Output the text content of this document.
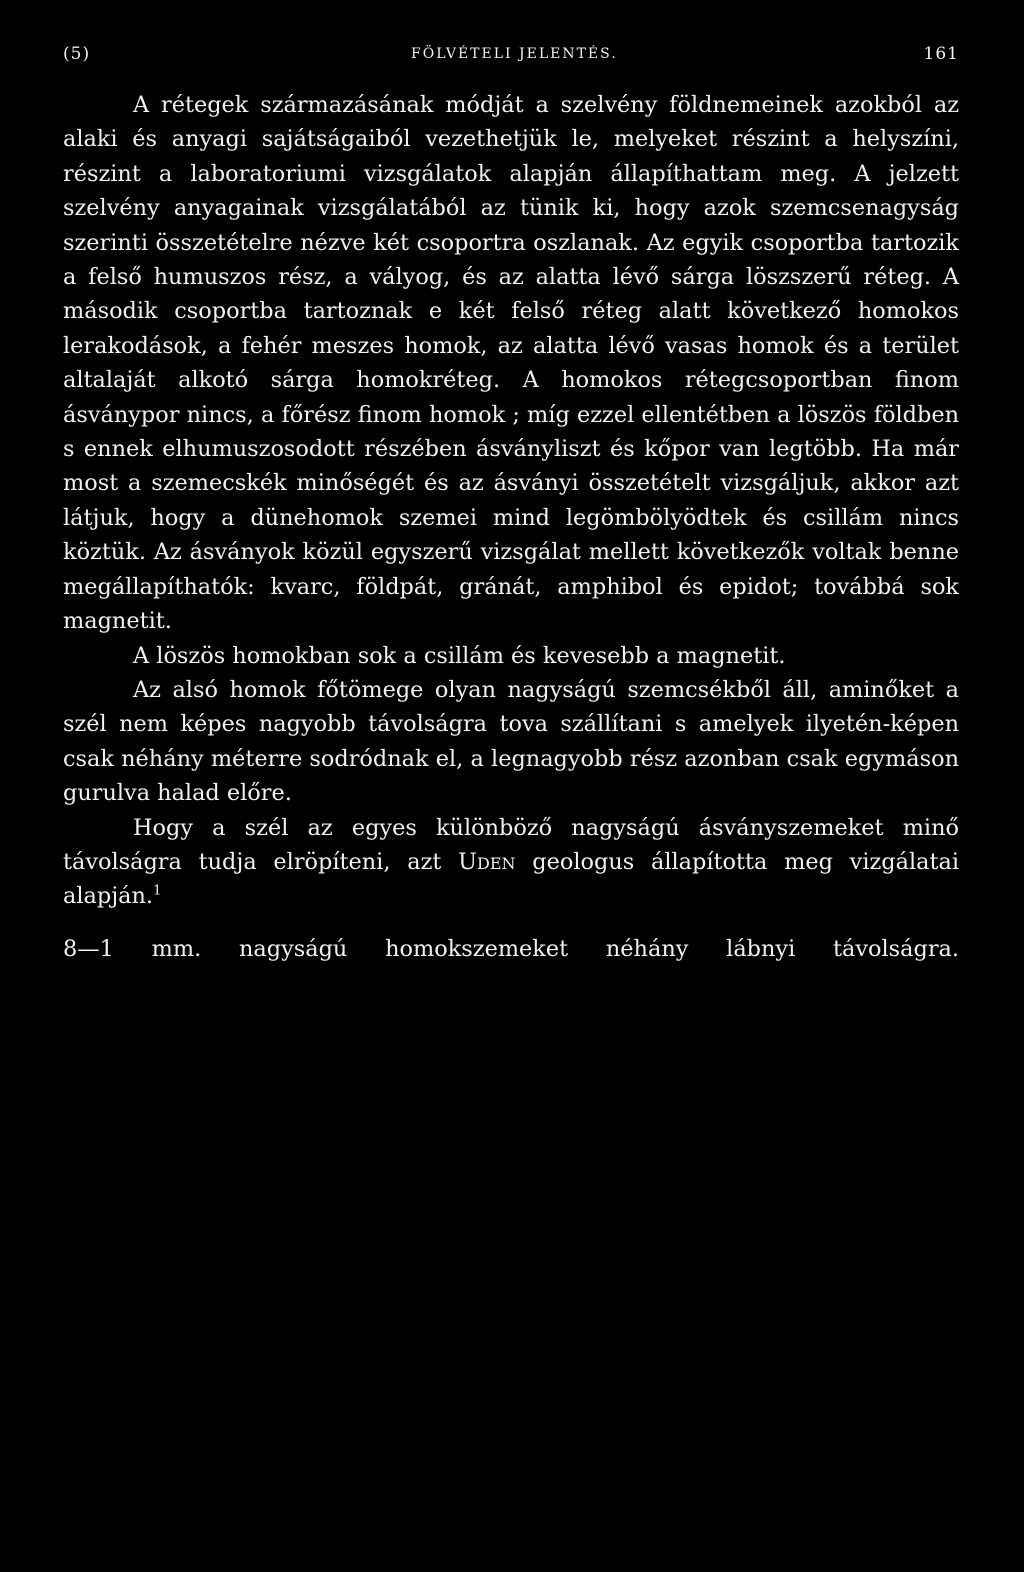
(5)	FÖLVÉTELI JELENTÉS.	161

A rétegek származásának módját a szelvény földnemeinek azokból az alaki és anyagi sajátságaiból vezethetjük le, melyeket részint a helyszíni, részint a laboratoriumi vizsgálatok alapján állapíthattam meg. A jelzett szelvény anyagainak vizsgálatából az tünik ki, hogy azok szemcsenagyság szerinti összetételre nézve két csoportra oszlanak. Az egyik csoportba tartozik a felső humuszos rész, a vályog, és az alatta lévő sárga löszszerű réteg. A második csoportba tartoznak e két felső réteg alatt következő homokos lerakodások, a fehér meszes homok, az alatta lévő vasas homok és a terület altalaját alkotó sárga homokréteg. A homokos rétegcsoportban finom ásványpor nincs, a főrész finom homok ; míg ezzel ellentétben a löszös földben s ennek elhumuszosodott részében ásványliszt és kőpor van legtöbb. Ha már most a szemecskék minőségét és az ásványi összetételt vizsgáljuk, akkor azt látjuk, hogy a dünehomok szemei mind legömbölyödtek és csillám nincs köztük. Az ásványok közül egyszerű vizsgálat mellett következők voltak benne megállapíthatók: kvarc, földpát, gránát, amphibol és epidot; továbbá sok magnetit.

A löszös homokban sok a csillám és kevesebb a magnetit.

Az alsó homok főtömege olyan nagyságú szemcsékből áll, aminőket a szél nem képes nagyobb távolságra tova szállítani s amelyek ilyetén-képen csak néhány méterre sodródnak el, a legnagyobb rész azonban csak egymáson gurulva halad előre.

Hogy a szél az egyes különböző nagyságú ásványszemeket minő távolságra tudja elröpíteni, azt Uden geologus állapította meg vizgálatai alapján.$^1$

8—1 mm. nagyságú homokszemeket néhány lábnyi távolságra.
